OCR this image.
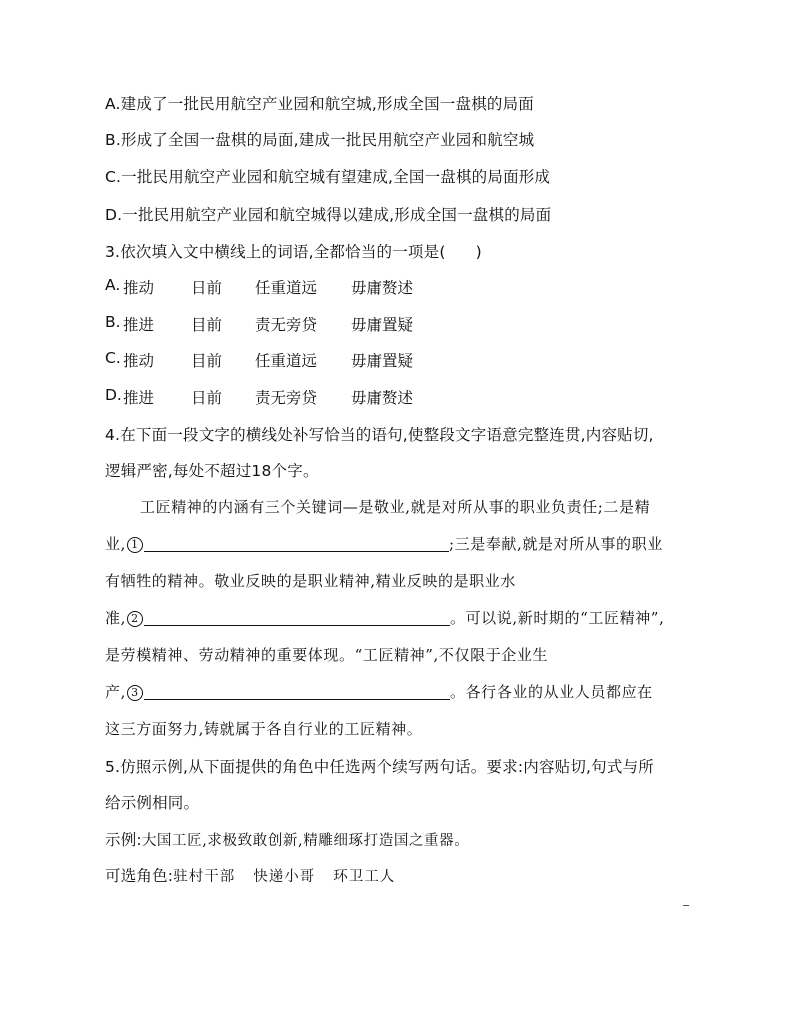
A.建成了一批民用航空产业园和航空城,形成全国一盘棋的局面
B.形成了全国一盘棋的局面,建成一批民用航空产业园和航空城
C.一批民用航空产业园和航空城有望建成,全国一盘棋的局面形成
D.一批民用航空产业园和航空城得以建成,形成全国一盘棋的局面
3.依次填入文中横线上的词语,全都恰当的一项是( )
A. 推动	日前	任重道远	毋庸赘述
B. 推进	目前	责无旁贷	毋庸置疑
C. 推动	目前	任重道远	毋庸置疑
D. 推进	日前	责无旁贷	毋庸赘述
4.在下面一段文字的横线处补写恰当的语句,使整段文字语意完整连贯,内容贴切,
逻辑严密,每处不超过18个字。
工匠精神的内涵有三个关键词—是敬业,就是对所从事的职业负责任;二是精
业, 1	;三是奉献,就是对所从事的职业
有牺牲的精神。敬业反映的是职业精神,精业反映的是职业水
准, 2	。可以说,新时期的“工匠精神”,
是劳模精神、劳动精神的重要体现。“工匠精神”,不仅限于企业生
产, 3	。各行各业的从业人员都应在
这三方面努力,铸就属于各自行业的工匠精神。
5.仿照示例,从下面提供的角色中任选两个续写两句话。要求:内容贴切,句式与所
给示例相同。
示例:大国工匠,求极致敢创新,精雕细琢打造国之重器。
可选角色:驻村干部 快递小哥 环卫工人
